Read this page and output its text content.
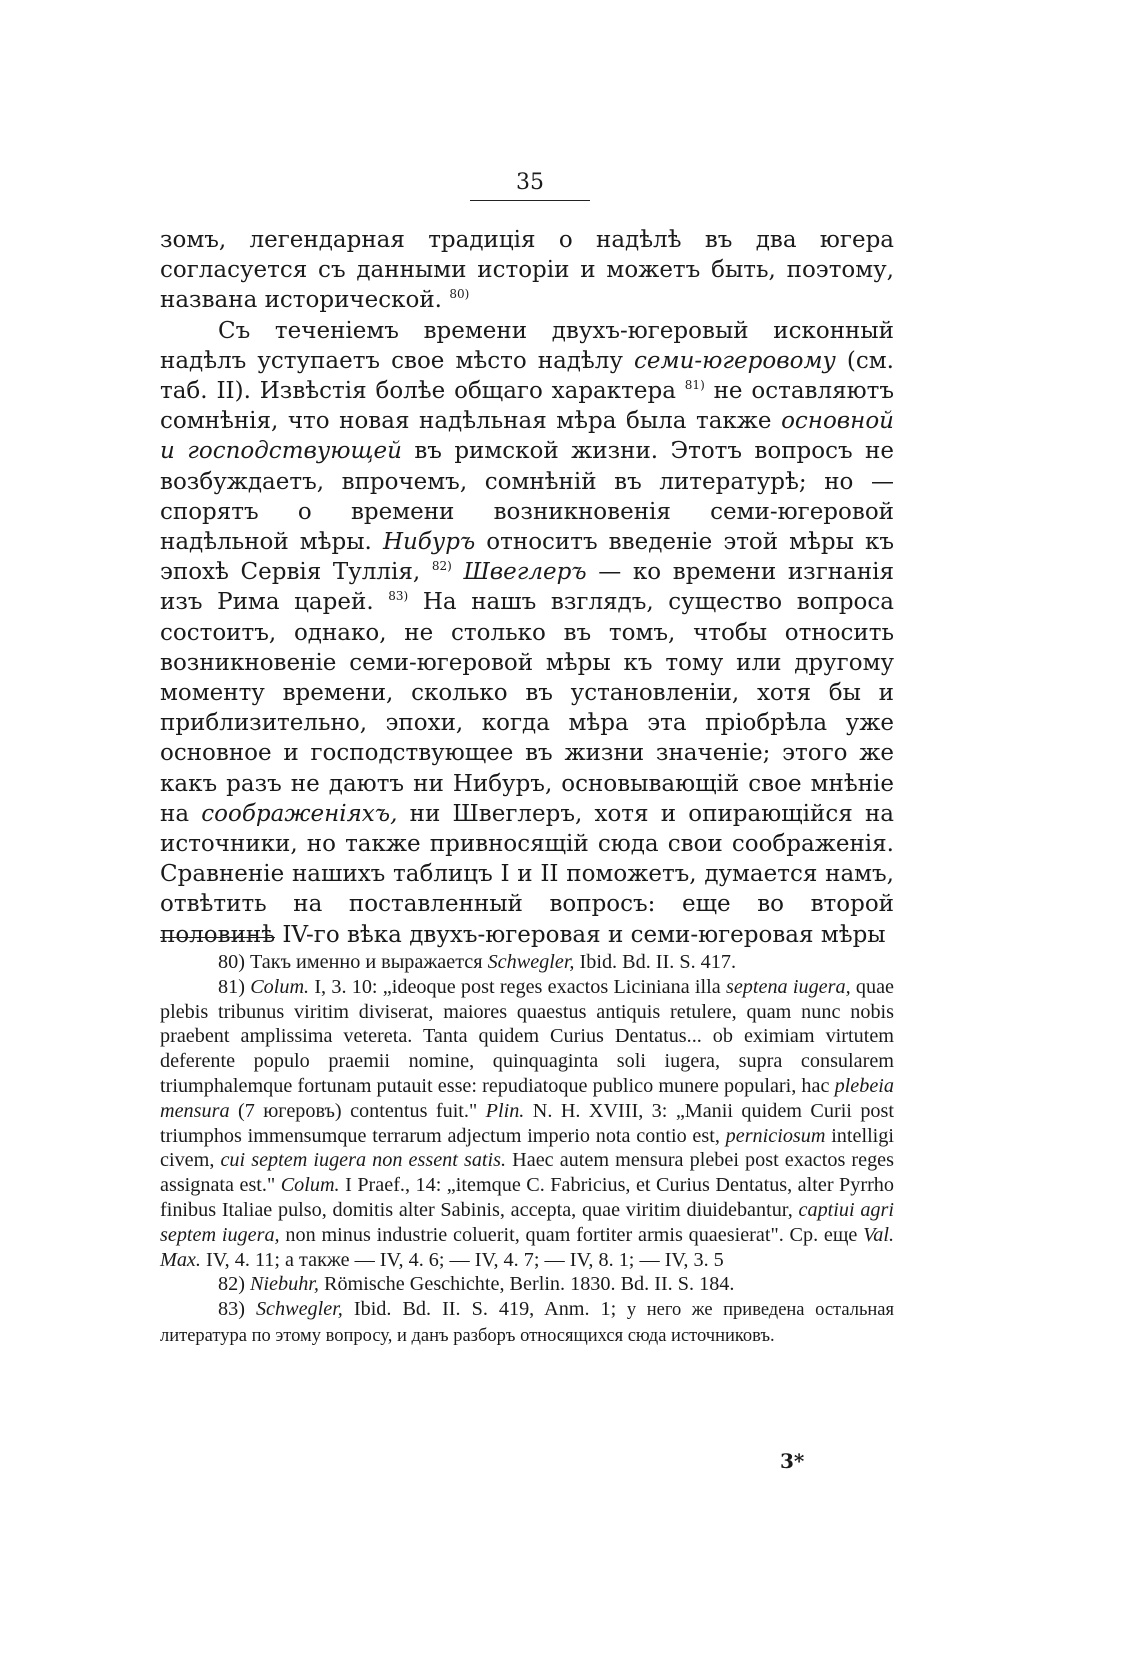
35

зомъ, легендарная традиція о надѣлѣ въ два югера согласуется съ данными исторіи и можетъ быть, поэтому, названа исторической. $^{80)}$

Съ теченіемъ времени двухъ-югеровый исконный надѣлъ уступаетъ свое мѣсто надѣлу семи-югеровому (см. таб. II). Извѣстія болѣе общаго характера $^{81)}$ не оставляютъ сомнѣнія, что новая надѣльная мѣра была также основной и господствующей въ римской жизни. Этотъ вопросъ не возбуждаетъ, впрочемъ, сомнѣній въ литературѣ; но — спорятъ о времени возникновенія семи-югеровой надѣльной мѣры. Нибуръ относитъ введеніе этой мѣры къ эпохѣ Сервія Туллія, $^{82)}$ Швеглеръ — ко времени изгнанія изъ Рима царей. $^{83)}$ На нашъ взглядъ, существо вопроса состоитъ, однако, не столько въ томъ, чтобы относить возникновеніе семи-югеровой мѣры къ тому или другому моменту времени, сколько въ установленіи, хотя бы и приблизительно, эпохи, когда мѣра эта пріобрѣла уже основное и господствующее въ жизни значеніе; этого же какъ разъ не даютъ ни Нибуръ, основывающій свое мнѣніе на соображеніяхъ, ни Швеглеръ, хотя и опирающійся на источники, но также привносящій сюда свои соображенія. Сравненіе нашихъ таблицъ I и II поможетъ, думается намъ, отвѣтить на поставленный вопросъ: еще во второй половинѣ IV-го вѣка двухъ-югеровая и семи-югеровая мѣры

80) Такъ именно и выражается Schwegler, Ibid. Bd. II. S. 417.

81) Colum. I, 3. 10: „ideoque post reges exactos Liciniana illa septena iugera, quae plebis tribunus viritim diviserat, maiores quaestus antiquis retulere, quam nunc nobis praebent amplissima vetereta. Tanta quidem Curius Dentatus... ob eximiam virtutem deferente populo praemii nomine, quinquaginta soli iugera, supra consularem triumphalemque fortunam putauit esse: repudiatoque publico munere populari, hac plebeia mensura (7 югеровъ) contentus fuit." Plin. N. H. XVIII, 3: „Manii quidem Curii post triumphos immensumque terrarum adjectum imperio nota contio est, perniciosum intelligi civem, cui septem iugera non essent satis. Haec autem mensura plebei post exactos reges assignata est." Colum. I Praef., 14: „itemque C. Fabricius, et Curius Dentatus, alter Pyrrho finibus Italiae pulso, domitis alter Sabinis, accepta, quae viritim diuidebantur, captiui agri septem iugera, non minus industrie coluerit, quam fortiter armis quaesierat". Ср. еще Val. Max. IV, 4. 11; а также — IV, 4. 6; — IV, 4. 7; — IV, 8. 1; — IV, 3. 5

82) Niebuhr, Römische Geschichte, Berlin. 1830. Bd. II. S. 184.

83) Schwegler, Ibid. Bd. II. S. 419, Anm. 1; у него же приведена остальная литература по этому вопросу, и данъ разборъ относящихся сюда источниковъ.

3*
